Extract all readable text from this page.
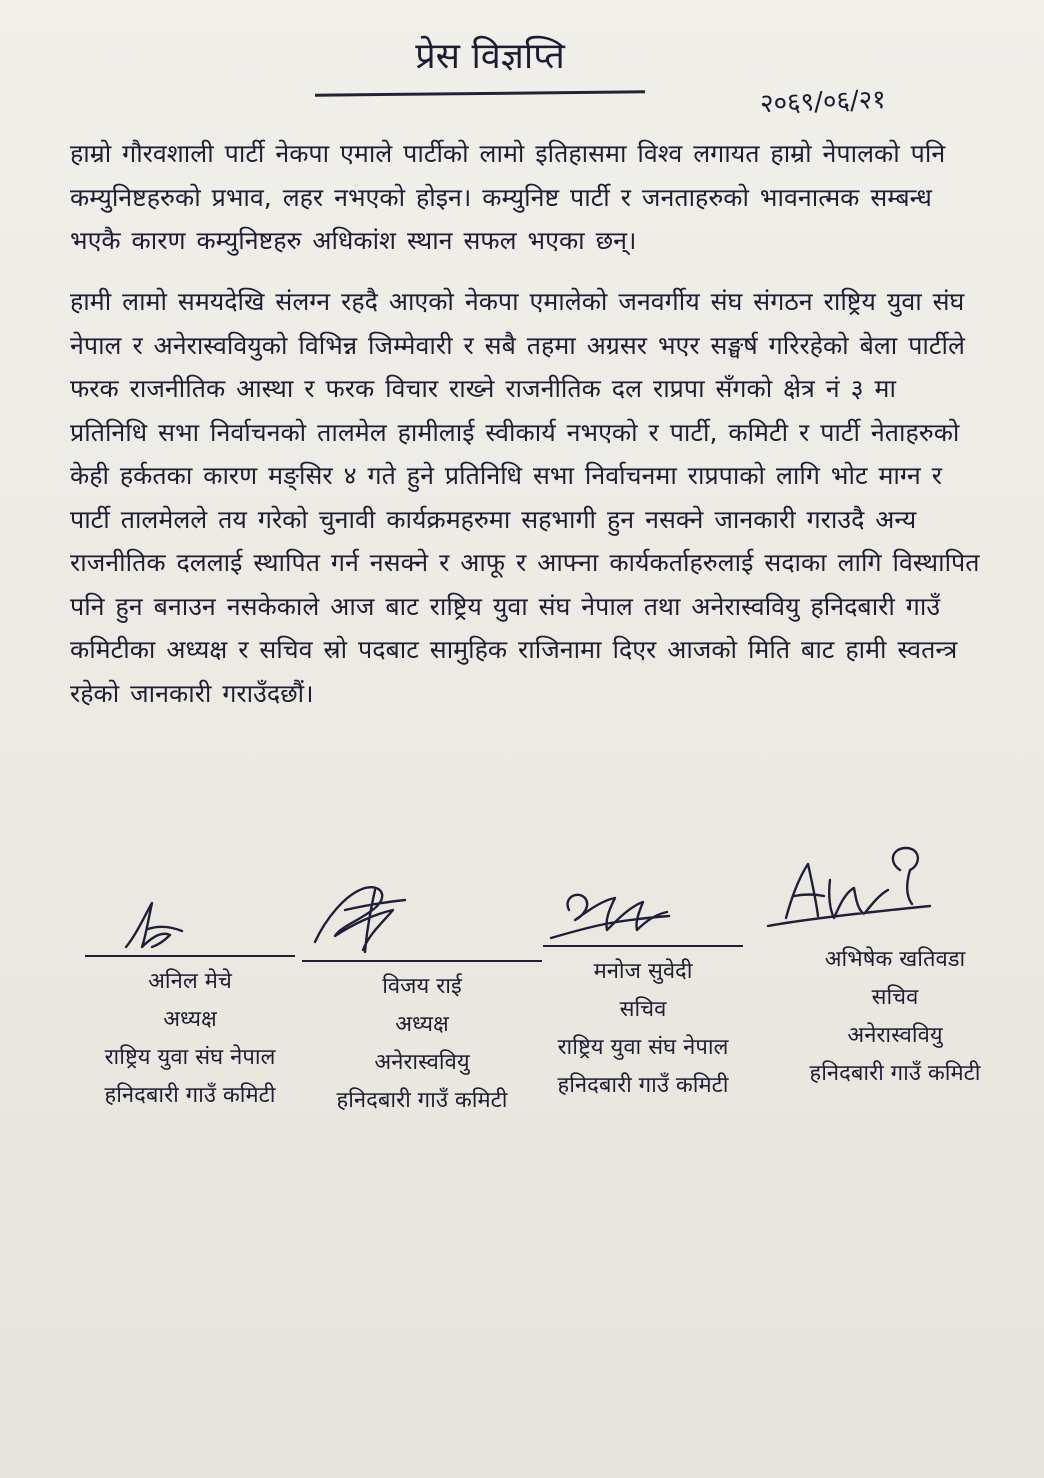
प्रेस विज्ञप्ति
२०६९/०६/२१

हाम्रो गौरवशाली पार्टी नेकपा एमाले पार्टीको लामो इतिहासमा विश्व लगायत हाम्रो नेपालको पनि कम्युनिष्टहरुको प्रभाव, लहर नभएको होइन। कम्युनिष्ट पार्टी र जनताहरुको भावनात्मक सम्बन्ध भएकै कारण कम्युनिष्टहरु अधिकांश स्थान सफल भएका छन्।

हामी लामो समयदेखि संलग्न रहदै आएको नेकपा एमालेको जनवर्गीय संघ संगठन राष्ट्रिय युवा संघ नेपाल र अनेरास्ववियुको विभिन्न जिम्मेवारी र सबै तहमा अग्रसर भएर सङ्घर्ष गरिरहेको बेला पार्टीले फरक राजनीतिक आस्था र फरक विचार राख्ने राजनीतिक दल राप्रपा सँगको क्षेत्र नं ३ मा प्रतिनिधि सभा निर्वाचनको तालमेल हामीलाई स्वीकार्य नभएको र पार्टी, कमिटी र पार्टी नेताहरुको केही हर्कतका कारण मङ्सिर ४ गते हुने प्रतिनिधि सभा निर्वाचनमा राप्रपाको लागि भोट माग्न र पार्टी तालमेलले तय गरेको चुनावी कार्यक्रमहरुमा सहभागी हुन नसक्ने जानकारी गराउदै अन्य राजनीतिक दललाई स्थापित गर्न नसक्ने र आफू र आफ्ना कार्यकर्ताहरुलाई सदाका लागि विस्थापित पनि हुन बनाउन नसकेकाले आज बाट राष्ट्रिय युवा संघ नेपाल तथा अनेरास्ववियु हनिदबारी गाउँ कमिटीका अध्यक्ष र सचिव स्रो पदबाट सामुहिक राजिनामा दिएर आजको मिति बाट हामी स्वतन्त्र रहेको जानकारी गराउँदछौं।

अनिल मेचे
अध्यक्ष
राष्ट्रिय युवा संघ नेपाल
हनिदबारी गाउँ कमिटी
विजय राई
अध्यक्ष
अनेरास्ववियु
हनिदबारी गाउँ कमिटी
मनोज सुवेदी
सचिव
राष्ट्रिय युवा संघ नेपाल
हनिदबारी गाउँ कमिटी
अभिषेक खतिवडा
सचिव
अनेरास्ववियु
हनिदबारी गाउँ कमिटी
